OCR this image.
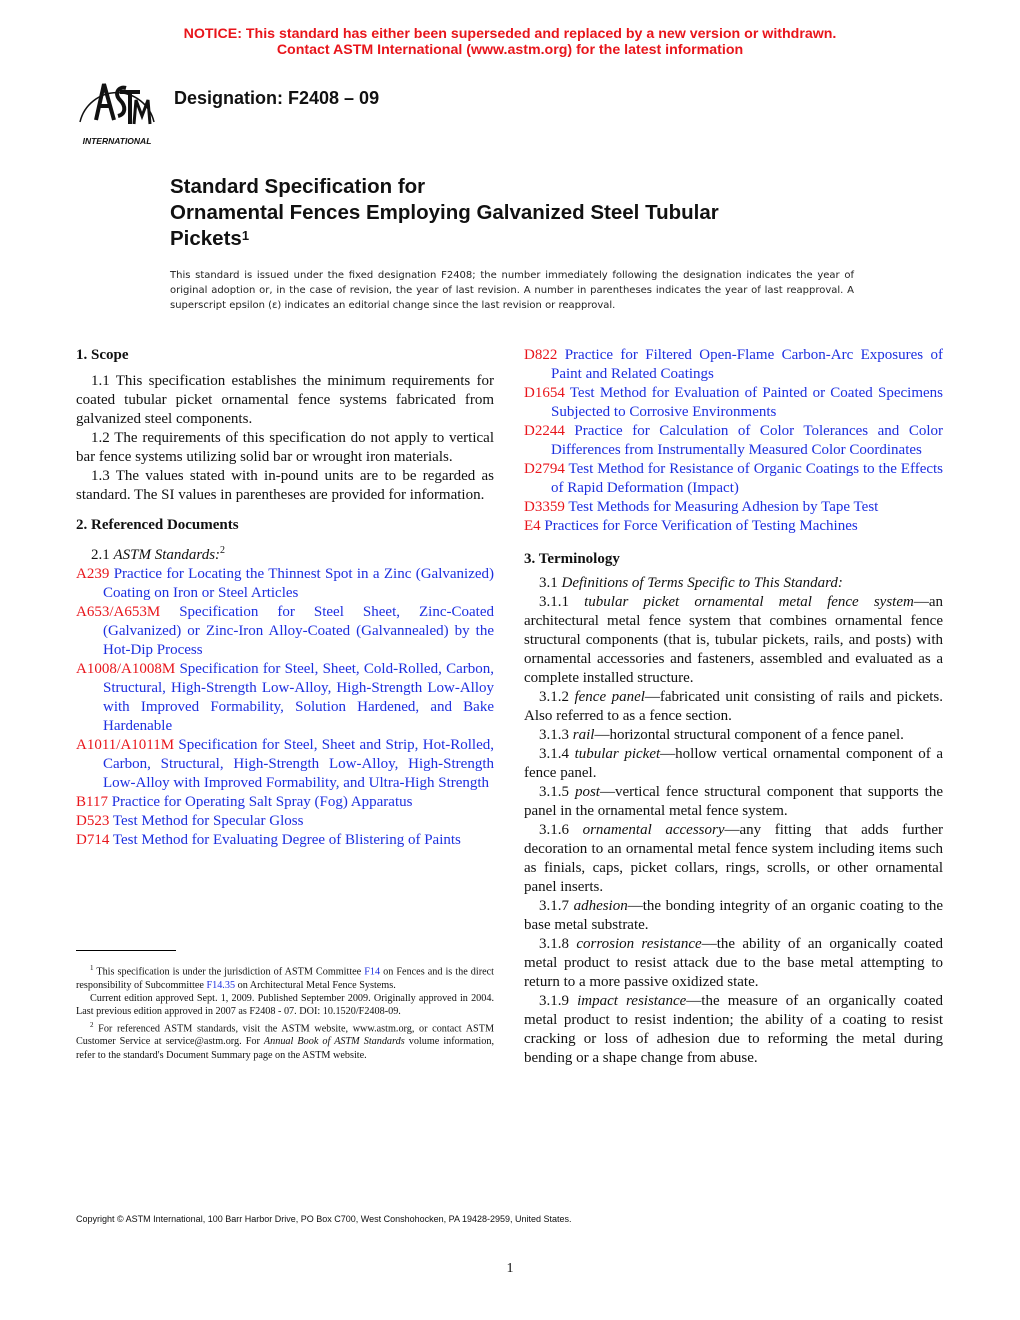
NOTICE: This standard has either been superseded and replaced by a new version or withdrawn.
Contact ASTM International (www.astm.org) for the latest information
INTERNATIONAL
Designation: F2408 – 09
Standard Specification for
Ornamental Fences Employing Galvanized Steel Tubular
Pickets$^1$
This standard is issued under the fixed designation F2408; the number immediately following the designation indicates the year of original adoption or, in the case of revision, the year of last revision. A number in parentheses indicates the year of last reapproval. A superscript epsilon (ε) indicates an editorial change since the last revision or reapproval.
1. Scope

1.1 This specification establishes the minimum requirements for coated tubular picket ornamental fence systems fabricated from galvanized steel components.

1.2 The requirements of this specification do not apply to vertical bar fence systems utilizing solid bar or wrought iron materials.

1.3 The values stated with in-pound units are to be regarded as standard. The SI values in parentheses are provided for information.

2. Referenced Documents

2.1 ASTM Standards:$^2$

A239 Practice for Locating the Thinnest Spot in a Zinc (Galvanized) Coating on Iron or Steel Articles

A653/A653M Specification for Steel Sheet, Zinc-Coated (Galvanized) or Zinc-Iron Alloy-Coated (Galvannealed) by the Hot-Dip Process

A1008/A1008M Specification for Steel, Sheet, Cold-Rolled, Carbon, Structural, High-Strength Low-Alloy, High-Strength Low-Alloy with Improved Formability, Solution Hardened, and Bake Hardenable

A1011/A1011M Specification for Steel, Sheet and Strip, Hot-Rolled, Carbon, Structural, High-Strength Low-Alloy, High-Strength Low-Alloy with Improved Formability, and Ultra-High Strength

B117 Practice for Operating Salt Spray (Fog) Apparatus

D523 Test Method for Specular Gloss

D714 Test Method for Evaluating Degree of Blistering of Paints

$^1$ This specification is under the jurisdiction of ASTM Committee F14 on Fences and is the direct responsibility of Subcommittee F14.35 on Architectural Metal Fence Systems.

Current edition approved Sept. 1, 2009. Published September 2009. Originally approved in 2004. Last previous edition approved in 2007 as F2408 - 07. DOI: 10.1520/F2408-09.

$^2$ For referenced ASTM standards, visit the ASTM website, www.astm.org, or contact ASTM Customer Service at service@astm.org. For Annual Book of ASTM Standards volume information, refer to the standard's Document Summary page on the ASTM website.

D822 Practice for Filtered Open-Flame Carbon-Arc Exposures of Paint and Related Coatings

D1654 Test Method for Evaluation of Painted or Coated Specimens Subjected to Corrosive Environments

D2244 Practice for Calculation of Color Tolerances and Color Differences from Instrumentally Measured Color Coordinates

D2794 Test Method for Resistance of Organic Coatings to the Effects of Rapid Deformation (Impact)

D3359 Test Methods for Measuring Adhesion by Tape Test

E4 Practices for Force Verification of Testing Machines

3. Terminology

3.1 Definitions of Terms Specific to This Standard:

3.1.1 tubular picket ornamental metal fence system—an architectural metal fence system that combines ornamental fence structural components (that is, tubular pickets, rails, and posts) with ornamental accessories and fasteners, assembled and evaluated as a complete installed structure.

3.1.2 fence panel—fabricated unit consisting of rails and pickets. Also referred to as a fence section.

3.1.3 rail—horizontal structural component of a fence panel.

3.1.4 tubular picket—hollow vertical ornamental component of a fence panel.

3.1.5 post—vertical fence structural component that supports the panel in the ornamental metal fence system.

3.1.6 ornamental accessory—any fitting that adds further decoration to an ornamental metal fence system including items such as finials, caps, picket collars, rings, scrolls, or other ornamental panel inserts.

3.1.7 adhesion—the bonding integrity of an organic coating to the base metal substrate.

3.1.8 corrosion resistance—the ability of an organically coated metal product to resist attack due to the base metal attempting to return to a more passive oxidized state.

3.1.9 impact resistance—the measure of an organically coated metal product to resist indention; the ability of a coating to resist cracking or loss of adhesion due to reforming the metal during bending or a shape change from abuse.

Copyright © ASTM International, 100 Barr Harbor Drive, PO Box C700, West Conshohocken, PA 19428-2959, United States.
1
